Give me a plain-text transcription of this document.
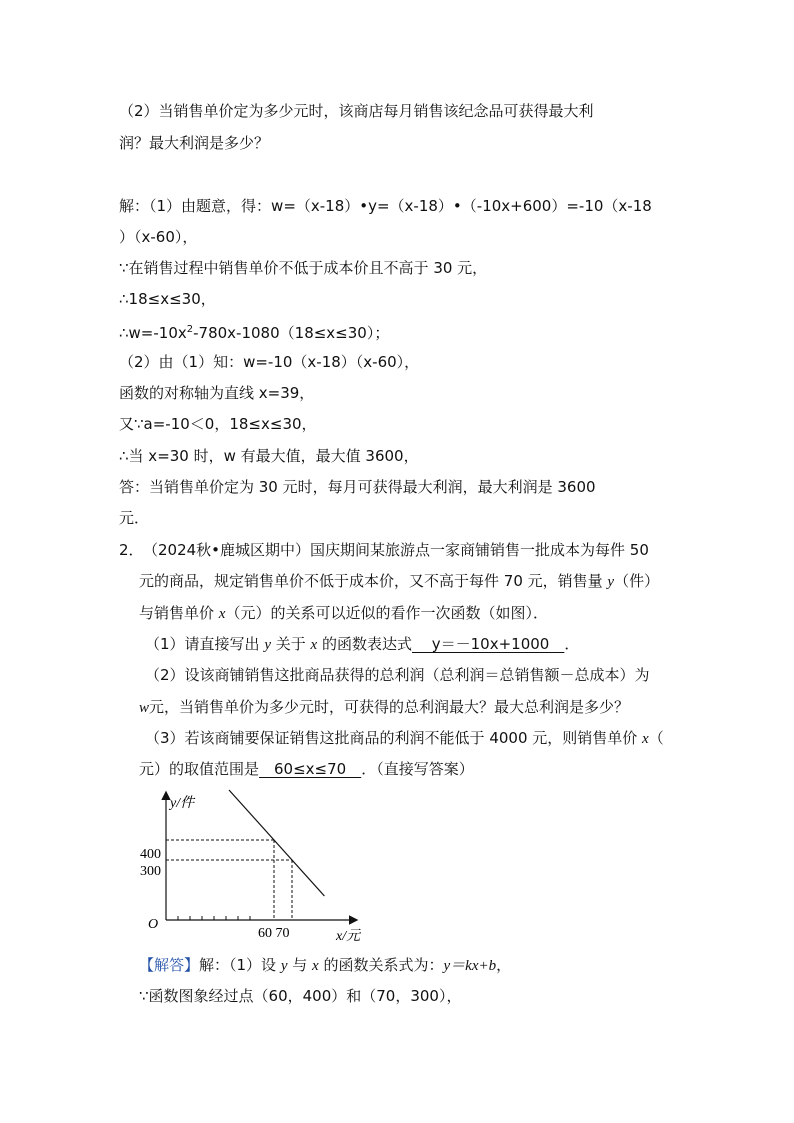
（2）当销售单价定为多少元时，该商店每月销售该纪念品可获得最大利
润？最大利润是多少？
解：（1）由题意，得：w=（x-18）•y=（x-18）•（-10x+600）=-10（x-18
）（x-60），
∵在销售过程中销售单价不低于成本价且不高于 30 元，
∴18≤x≤30，
$\therefore w=-10x^2-780x-1080(18\le x\le 30)$；
（2）由（1）知：w=-10（x-18）（x-60），
函数的对称轴为直线 x=39，
又∵a=-10＜0，18≤x≤30，
∴当 x=30 时，w 有最大值，最大值 3600，
答：当销售单价定为 30 元时，每月可获得最大利润，最大利润是 3600
元．
2． （2024秋•鹿城区期中）国庆期间某旅游点一家商铺销售一批成本为每件 50
元的商品，规定销售单价不低于成本价，又不高于每件 70 元，销售量 y（件）
与销售单价 x（元）的关系可以近似的看作一次函数（如图）．
（1）请直接写出 y 关于 x 的函数表达式　 y＝－10x+1000　．
（2）设该商铺销售这批商品获得的总利润（总利润＝总销售额－总成本）为
w元，当销售单价为多少元时，可获得的总利润最大？最大总利润是多少？
（3）若该商铺要保证销售这批商品的利润不能低于 4000 元，则销售单价 x（
元）的取值范围是　60≤x≤70　．（直接写答案）
y/件
x/元
O
400
300
60 70
【解答】解：（1）设 y 与 x 的函数关系式为：y＝kx+b，
∵函数图象经过点（60，400）和（70，300），
